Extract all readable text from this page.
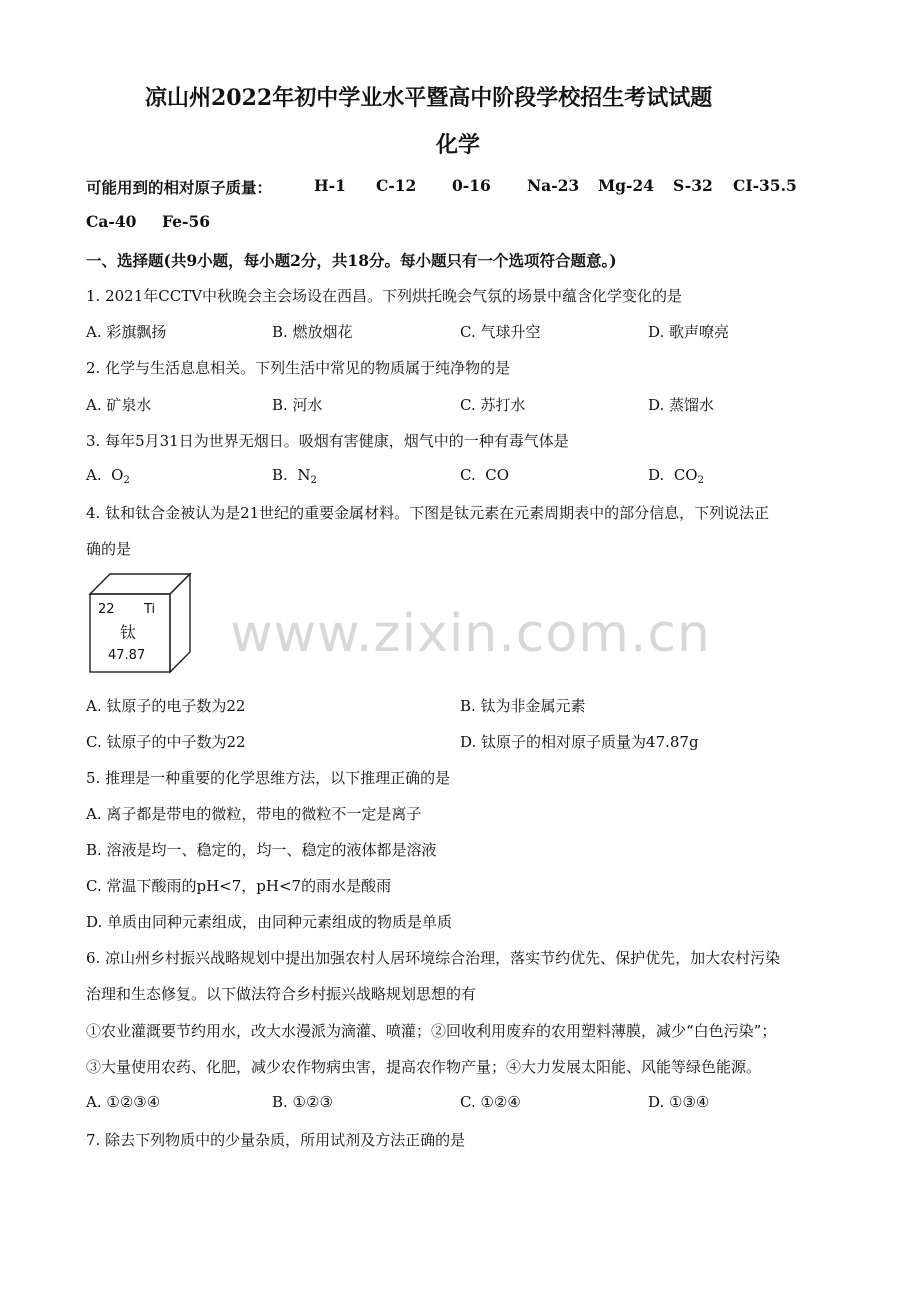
凉山州2022年初中学业水平暨高中阶段学校招生考试试题
化学
可能用到的相对原子质量：	H-1 C-12 0-16 Na-23 Mg-24 S-32 CI-35.5
Ca-40 Fe-56
一、选择题(共9小题，每小题2分，共18分。每小题只有一个选项符合题意。)
1. 2021年CCTV中秋晚会主会场设在西昌。下列烘托晚会气氛的场景中蕴含化学变化的是
A. 彩旗飘扬	B. 燃放烟花	C. 气球升空	D. 歌声嘹亮
2. 化学与生活息息相关。下列生活中常见的物质属于纯净物的是
A. 矿泉水	B. 河水	C. 苏打水	D. 蒸馏水
3. 每年5月31日为世界无烟日。吸烟有害健康，烟气中的一种有毒气体是
A. $O_2$	B. $N_2$	C. CO	D. $CO_2$
4. 钛和钛合金被认为是21世纪的重要金属材料。下图是钛元素在元素周期表中的部分信息，下列说法正
确的是
22 Ti
钛
47.87 www.zixin.com.cn
A. 钛原子的电子数为22	B. 钛为非金属元素
C. 钛原子的中子数为22	D. 钛原子的相对原子质量为47.87g
5. 推理是一种重要的化学思维方法，以下推理正确的是
A. 离子都是带电的微粒，带电的微粒不一定是离子
B. 溶液是均一、稳定的，均一、稳定的液体都是溶液
C. 常温下酸雨的pH<7，pH<7的雨水是酸雨
D. 单质由同种元素组成，由同种元素组成的物质是单质
6. 凉山州乡村振兴战略规划中提出加强农村人居环境综合治理，落实节约优先、保护优先，加大农村污染
治理和生态修复。以下做法符合乡村振兴战略规划思想的有
①农业灌溉要节约用水，改大水漫派为滴灌、喷灌；②回收利用废弃的农用塑料薄膜，减少“白色污染”；
③大量使用农药、化肥，减少农作物病虫害，提高农作物产量；④大力发展太阳能、风能等绿色能源。
A. ①②③④	B. ①②③	C. ①②④	D. ①③④
7. 除去下列物质中的少量杂质，所用试剂及方法正确的是
